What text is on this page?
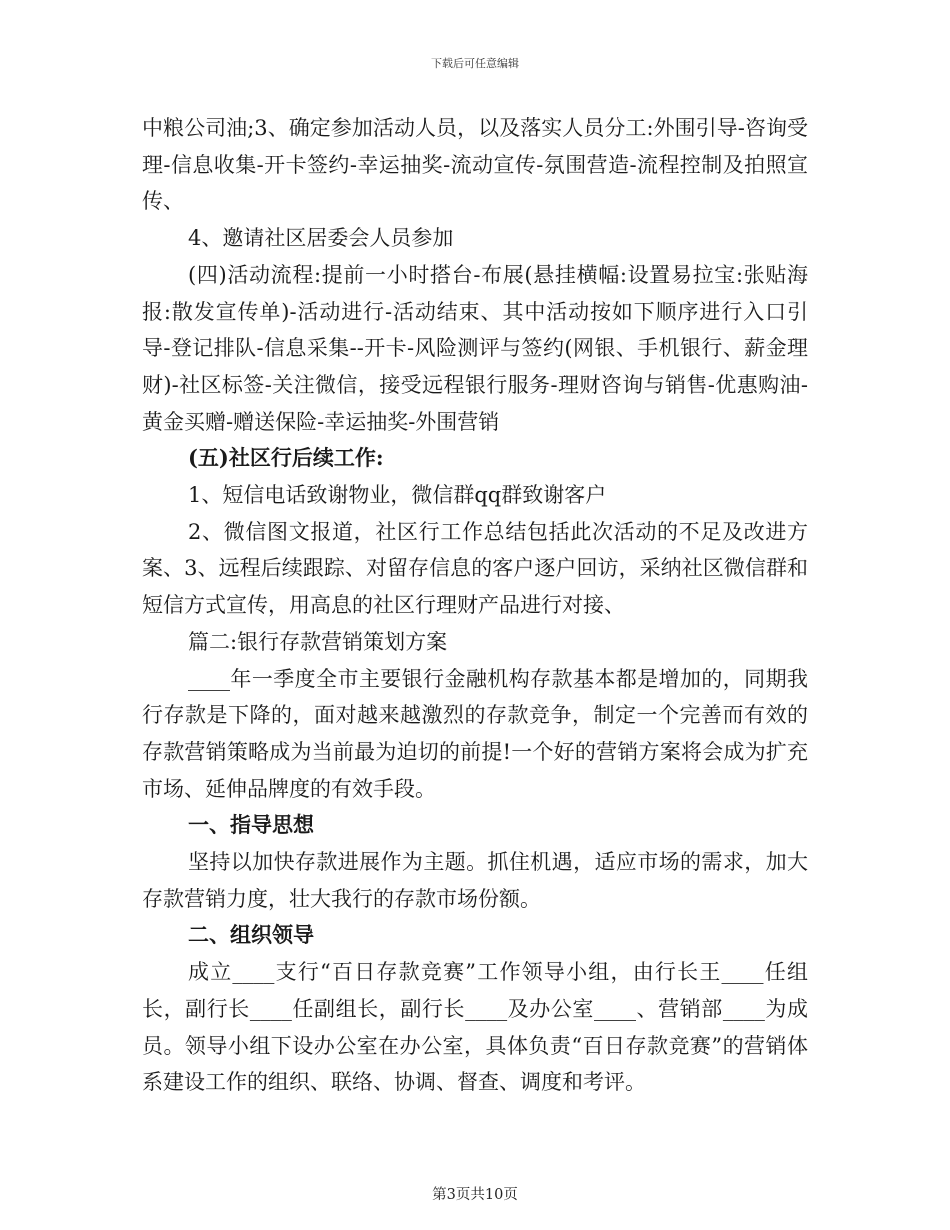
下载后可任意编辑

中粮公司油;3、确定参加活动人员，以及落实人员分工:外围引导-咨询受理-信息收集-开卡签约-幸运抽奖-流动宣传-氛围营造-流程控制及拍照宣传、

4、邀请社区居委会人员参加

(四)活动流程:提前一小时搭台-布展(悬挂横幅:设置易拉宝:张贴海报:散发宣传单)-活动进行-活动结束、其中活动按如下顺序进行入口引导-登记排队-信息采集--开卡-风险测评与签约(网银、手机银行、薪金理财)-社区标签-关注微信，接受远程银行服务-理财咨询与销售-优惠购油-黄金买赠-赠送保险-幸运抽奖-外围营销

(五)社区行后续工作:

1、短信电话致谢物业，微信群qq群致谢客户

2、微信图文报道，社区行工作总结包括此次活动的不足及改进方案、3、远程后续跟踪、对留存信息的客户逐户回访，采纳社区微信群和短信方式宣传，用高息的社区行理财产品进行对接、

篇二:银行存款营销策划方案

____年一季度全市主要银行金融机构存款基本都是增加的，同期我行存款是下降的，面对越来越激烈的存款竞争，制定一个完善而有效的存款营销策略成为当前最为迫切的前提!一个好的营销方案将会成为扩充市场、延伸品牌度的有效手段。

一、指导思想

坚持以加快存款进展作为主题。抓住机遇，适应市场的需求，加大存款营销力度，壮大我行的存款市场份额。

二、组织领导

成立____支行“百日存款竞赛”工作领导小组，由行长王____任组长，副行长____任副组长，副行长____及办公室____、营销部____为成员。领导小组下设办公室在办公室，具体负责“百日存款竞赛”的营销体系建设工作的组织、联络、协调、督查、调度和考评。

第3页共10页
